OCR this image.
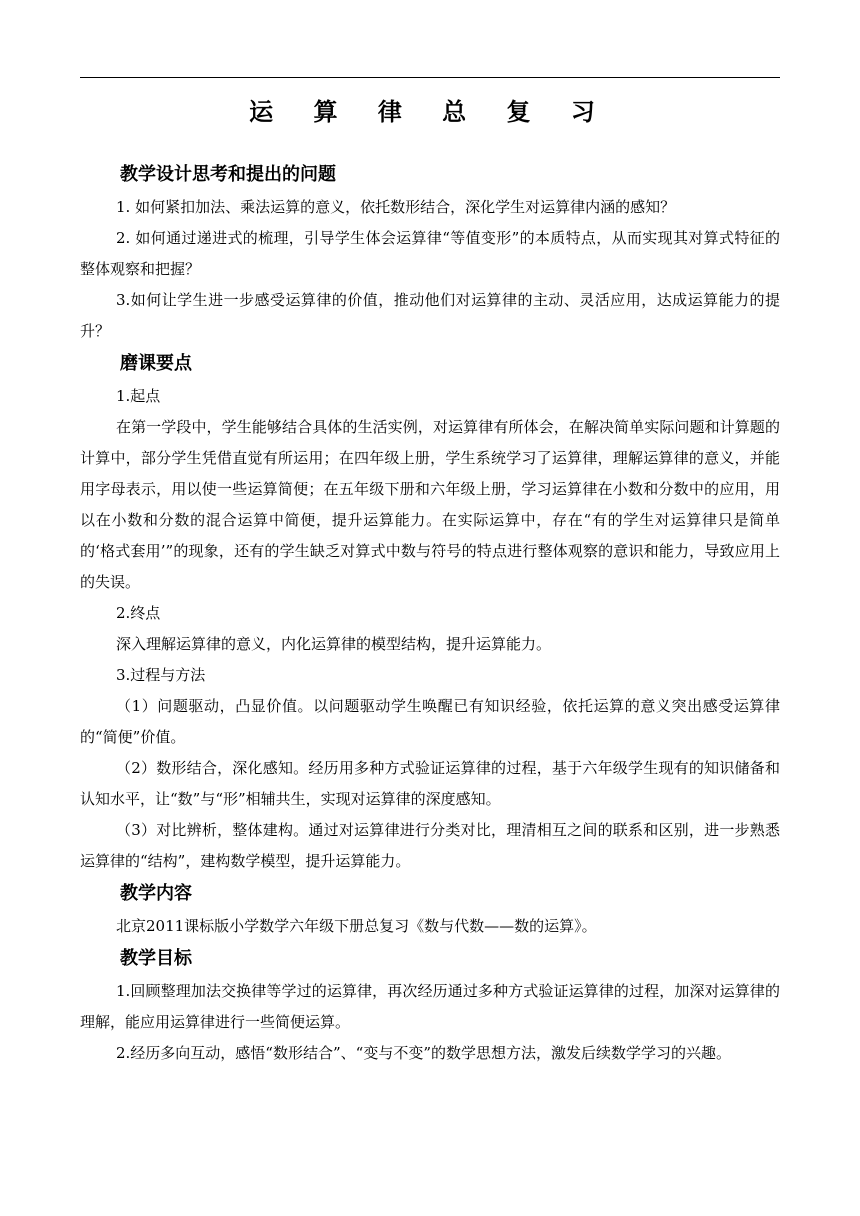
运 算 律 总 复 习
教学设计思考和提出的问题

1. 如何紧扣加法、乘法运算的意义，依托数形结合，深化学生对运算律内涵的感知？

2. 如何通过递进式的梳理，引导学生体会运算律“等值变形”的本质特点，从而实现其对算式特征的整体观察和把握？

3.如何让学生进一步感受运算律的价值，推动他们对运算律的主动、灵活应用，达成运算能力的提升？

磨课要点

1.起点

在第一学段中，学生能够结合具体的生活实例，对运算律有所体会，在解决简单实际问题和计算题的计算中，部分学生凭借直觉有所运用；在四年级上册，学生系统学习了运算律，理解运算律的意义，并能用字母表示，用以使一些运算简便；在五年级下册和六年级上册，学习运算律在小数和分数中的应用，用以在小数和分数的混合运算中简便，提升运算能力。在实际运算中，存在“有的学生对运算律只是简单的‘格式套用’”的现象，还有的学生缺乏对算式中数与符号的特点进行整体观察的意识和能力，导致应用上的失误。

2.终点

深入理解运算律的意义，内化运算律的模型结构，提升运算能力。

3.过程与方法

（1）问题驱动，凸显价值。以问题驱动学生唤醒已有知识经验，依托运算的意义突出感受运算律的“简便”价值。

（2）数形结合，深化感知。经历用多种方式验证运算律的过程，基于六年级学生现有的知识储备和认知水平，让“数”与“形”相辅共生，实现对运算律的深度感知。

（3）对比辨析，整体建构。通过对运算律进行分类对比，理清相互之间的联系和区别，进一步熟悉运算律的“结构”，建构数学模型，提升运算能力。

教学内容

北京2011课标版小学数学六年级下册总复习《数与代数——数的运算》。

教学目标

1.回顾整理加法交换律等学过的运算律，再次经历通过多种方式验证运算律的过程，加深对运算律的理解，能应用运算律进行一些简便运算。

2.经历多向互动，感悟“数形结合”、“变与不变”的数学思想方法，激发后续数学学习的兴趣。
